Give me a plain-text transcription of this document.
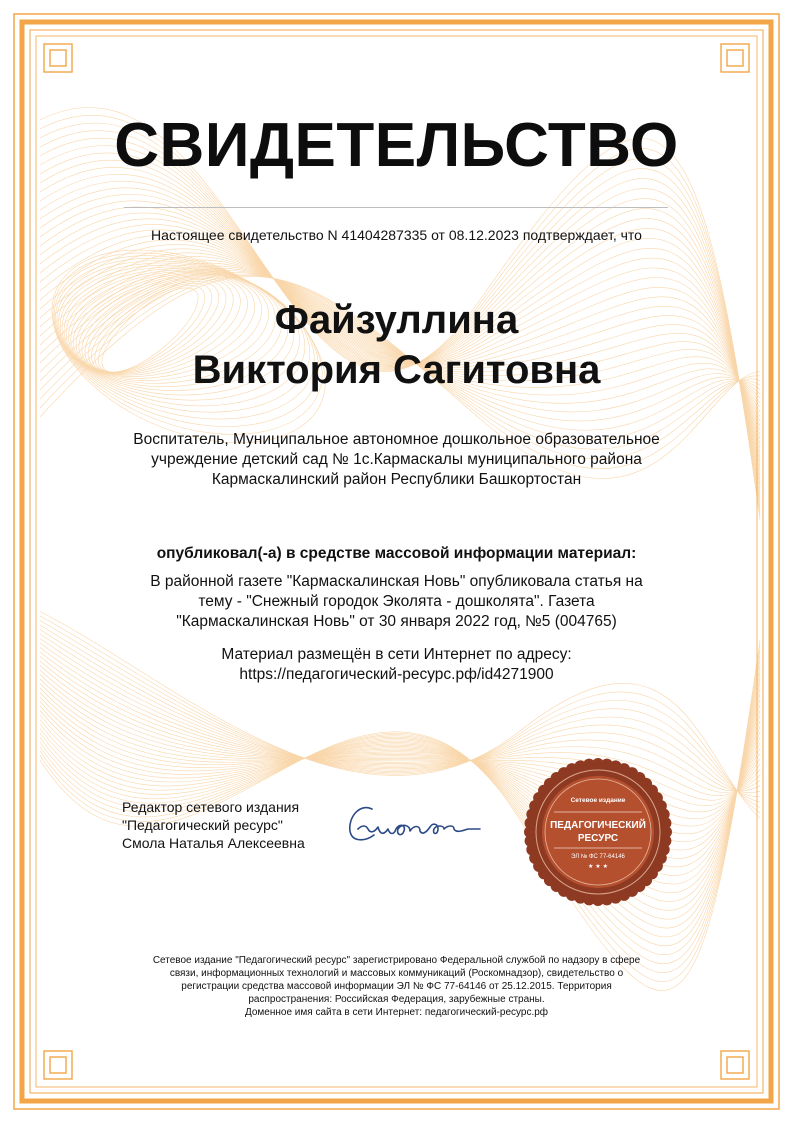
СВИДЕТЕЛЬСТВО
Настоящее свидетельство N 41404287335 от 08.12.2023 подтверждает, что
Файзуллина
Виктория Сагитовна
Воспитатель, Муниципальное автономное дошкольное образовательное
учреждение детский сад № 1с.Кармаскалы муниципального района
Кармаскалинский район Республики Башкортостан
опубликовал(-а) в средстве массовой информации материал:
В районной газете "Кармаскалинская Новь" опубликовала статья на
тему - "Снежный городок Эколята - дошколята". Газета
"Кармаскалинская Новь" от 30 января 2022 год, №5 (004765)
Материал размещён в сети Интернет по адресу:
https://педагогический-ресурс.рф/id4271900
Редактор сетевого издания
"Педагогический ресурс"
Смола Наталья Алексеевна
Сетевое издание
ПЕДАГОГИЧЕСКИЙ
РЕСУРС
ЭЛ № ФС 77-64146
★ ★ ★
Сетевое издание "Педагогический ресурс" зарегистрировано Федеральной службой по надзору в сфере
связи, информационных технологий и массовых коммуникаций (Роскомнадзор), свидетельство о
регистрации средства массовой информации ЭЛ № ФС 77-64146 от 25.12.2015. Территория
распространения: Российская Федерация, зарубежные страны.
Доменное имя сайта в сети Интернет: педагогический-ресурс.рф
